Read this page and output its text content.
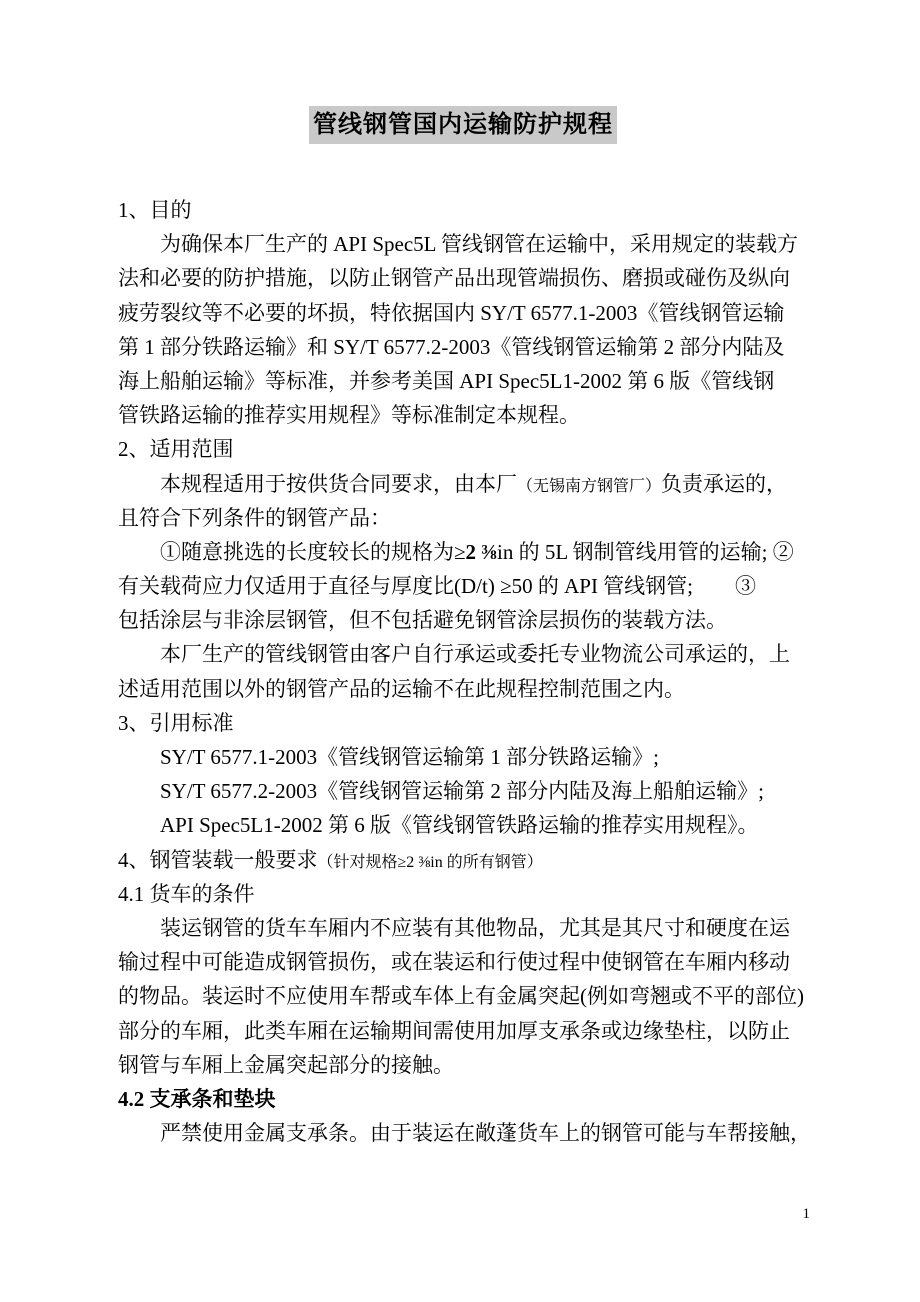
管线钢管国内运输防护规程
1、目的
为确保本厂生产的 API Spec5L 管线钢管在运输中，采用规定的装载方
法和必要的防护措施，以防止钢管产品出现管端损伤、磨损或碰伤及纵向
疲劳裂纹等不必要的坏损，特依据国内 SY/T 6577.1-2003《管线钢管运输
第 1 部分铁路运输》和 SY/T 6577.2-2003《管线钢管运输第 2 部分内陆及
海上船舶运输》等标准，并参考美国 API Spec5L1-2002 第 6 版《管线钢
管铁路运输的推荐实用规程》等标准制定本规程。
2、适用范围
本规程适用于按供货合同要求，由本厂（无锡南方钢管厂）负责承运的，
且符合下列条件的钢管产品：
①随意挑选的长度较长的规格为≥2 ⅜in 的 5L 钢制管线用管的运输; ②
有关载荷应力仅适用于直径与厚度比(D/t) ≥50 的 API 管线钢管;　　③
包括涂层与非涂层钢管，但不包括避免钢管涂层损伤的装载方法。
本厂生产的管线钢管由客户自行承运或委托专业物流公司承运的，上
述适用范围以外的钢管产品的运输不在此规程控制范围之内。
3、引用标准
SY/T 6577.1-2003《管线钢管运输第 1 部分铁路运输》;
SY/T 6577.2-2003《管线钢管运输第 2 部分内陆及海上船舶运输》;
API Spec5L1-2002 第 6 版《管线钢管铁路运输的推荐实用规程》。
4、钢管装载一般要求（针对规格≥2 ⅜in 的所有钢管）
4.1 货车的条件
装运钢管的货车车厢内不应装有其他物品，尤其是其尺寸和硬度在运
输过程中可能造成钢管损伤，或在装运和行使过程中使钢管在车厢内移动
的物品。装运时不应使用车帮或车体上有金属突起(例如弯翘或不平的部位)
部分的车厢，此类车厢在运输期间需使用加厚支承条或边缘垫柱，以防止
钢管与车厢上金属突起部分的接触。
4.2 支承条和垫块
严禁使用金属支承条。由于装运在敞蓬货车上的钢管可能与车帮接触，
1
